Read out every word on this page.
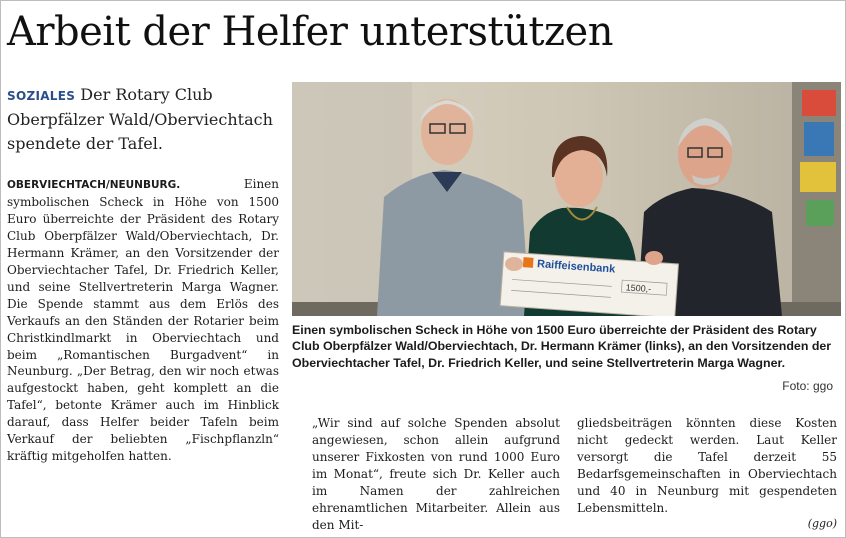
Arbeit der Helfer unterstützen
SOZIALES Der Rotary Club Oberpfälzer Wald/Oberviechtach spendete der Tafel.
OBERVIECHTACH/NEUNBURG.	Einen symbolischen Scheck in Höhe von 1500 Euro überreichte der Präsident des Rotary Club Oberpfälzer Wald/Oberviechtach, Dr. Hermann Krämer, an den Vorsitzender der Oberviechtacher Tafel, Dr. Friedrich Keller, und seine Stellvertreterin Marga Wagner. Die Spende stammt aus dem Erlös des Verkaufs an den Ständen der Rotarier beim Christkindlmarkt in Oberviechtach und beim „Romantischen Burgadvent“ in Neunburg. „Der Betrag, den wir noch etwas aufgestockt haben, geht komplett an die Tafel“, betonte Krämer auch im Hinblick darauf, dass Helfer beider Tafeln beim Verkauf der beliebten „Fischpflanzln“ kräftig mitgeholfen hatten.
Raiffeisenbank
1500,-
Einen symbolischen Scheck in Höhe von 1500 Euro überreichte der Präsident des Rotary Club Oberpfälzer Wald/Oberviechtach, Dr. Hermann Krämer (links), an den Vorsitzenden der Oberviechtacher Tafel, Dr. Friedrich Keller, und seine Stellvertreterin Marga Wagner.
Foto: ggo
„Wir sind auf solche Spenden absolut angewiesen, schon allein aufgrund unserer Fixkosten von rund 1000 Euro im Monat“, freute sich Dr. Keller auch im Namen der zahlreichen ehrenamtlichen Mitarbeiter. Allein aus den Mit-
gliedsbeiträgen könnten diese Kosten nicht gedeckt werden. Laut Keller versorgt die Tafel derzeit 55 Bedarfsgemeinschaften in Oberviechtach und 40 in Neunburg mit gespendeten Lebensmitteln.
(ggo)
